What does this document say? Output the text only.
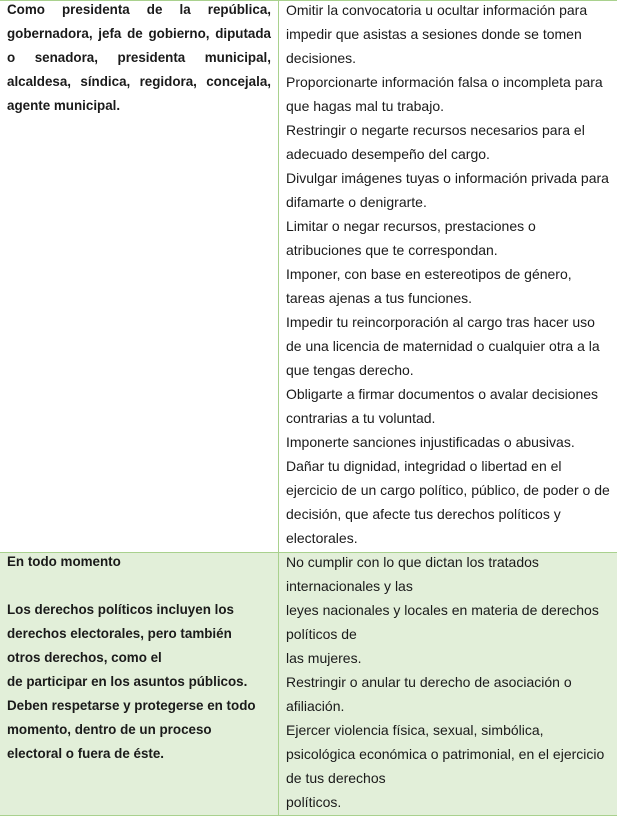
Como presidenta de la república,
gobernadora, jefa de gobierno, diputada
o senadora, presidenta municipal,
alcaldesa, síndica, regidora, concejala,
agente municipal.
Omitir la convocatoria u ocultar información para
impedir que asistas a sesiones donde se tomen
decisiones.
Proporcionarte información falsa o incompleta para
que hagas mal tu trabajo.
Restringir o negarte recursos necesarios para el
adecuado desempeño del cargo.
Divulgar imágenes tuyas o información privada para
difamarte o denigrarte.
Limitar o negar recursos, prestaciones o
atribuciones que te correspondan.
Imponer, con base en estereotipos de género,
tareas ajenas a tus funciones.
Impedir tu reincorporación al cargo tras hacer uso
de una licencia de maternidad o cualquier otra a la
que tengas derecho.
Obligarte a firmar documentos o avalar decisiones
contrarias a tu voluntad.
Imponerte sanciones injustificadas o abusivas.
Dañar tu dignidad, integridad o libertad en el
ejercicio de un cargo político, público, de poder o de
decisión, que afecte tus derechos políticos y
electorales.
En todo momento
Los derechos políticos incluyen los
derechos electorales, pero también
otros derechos, como el
de participar en los asuntos públicos.
Deben respetarse y protegerse en todo
momento, dentro de un proceso
electoral o fuera de éste.
No cumplir con lo que dictan los tratados
internacionales y las
leyes nacionales y locales en materia de derechos
políticos de
las mujeres.
Restringir o anular tu derecho de asociación o
afiliación.
Ejercer violencia física, sexual, simbólica,
psicológica económica o patrimonial, en el ejercicio
de tus derechos
políticos.
